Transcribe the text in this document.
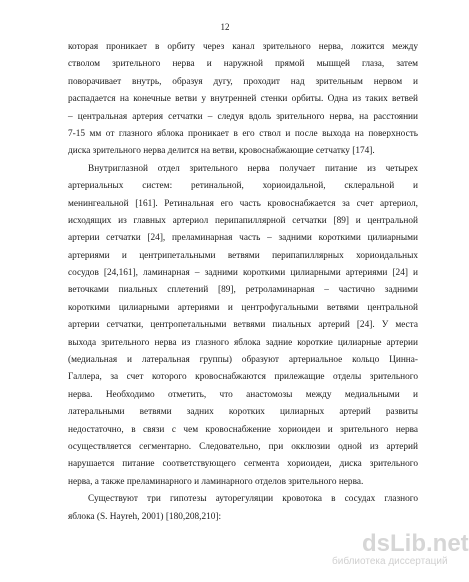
12
которая проникает в орбиту через канал зрительного нерва, ложится между
стволом зрительного нерва и наружной прямой мышцей глаза, затем
поворачивает внутрь, образуя дугу, проходит над зрительным нервом и
распадается на конечные ветви у внутренней стенки орбиты. Одна из таких ветвей
– центральная артерия сетчатки – следуя вдоль зрительного нерва, на расстоянии
7-15 мм от глазного яблока проникает в его ствол и после выхода на поверхность
диска зрительного нерва делится на ветви, кровоснабжающие сетчатку [174].
Внутриглазной отдел зрительного нерва получает питание из четырех
артериальных систем: ретинальной, хориоидальной, склеральной и
менингеальной [161]. Ретинальная его часть кровоснабжается за счет артериол,
исходящих из главных артериол перипапиллярной сетчатки [89] и центральной
артерии сетчатки [24], преламинарная часть – задними короткими цилиарными
артериями и центрипетальными ветвями перипапиллярных хориоидальных
сосудов [24,161], ламинарная – задними короткими цилиарными артериями [24] и
веточками пиальных сплетений [89], ретроламинарная – частично задними
короткими цилиарными артериями и центрофугальными ветвями центральной
артерии сетчатки, центропетальными ветвями пиальных артерий [24]. У места
выхода зрительного нерва из глазного яблока задние короткие цилиарные артерии
(медиальная и латеральная группы) образуют артериальное кольцо Цинна-
Галлера, за счет которого кровоснабжаются прилежащие отделы зрительного
нерва. Необходимо отметить, что анастомозы между медиальными и
латеральными ветвями задних коротких цилиарных артерий развиты
недостаточно, в связи с чем кровоснабжение хориоидеи и зрительного нерва
осуществляется сегментарно. Следовательно, при окклюзии одной из артерий
нарушается питание соответствующего сегмента хориоидеи, диска зрительного
нерва, а также преламинарного и ламинарного отделов зрительного нерва.
Существуют три гипотезы ауторегуляции кровотока в сосудах глазного
яблока (S. Hayreh, 2001) [180,208,210]:
dsLib.net
библиотека диссертаций
